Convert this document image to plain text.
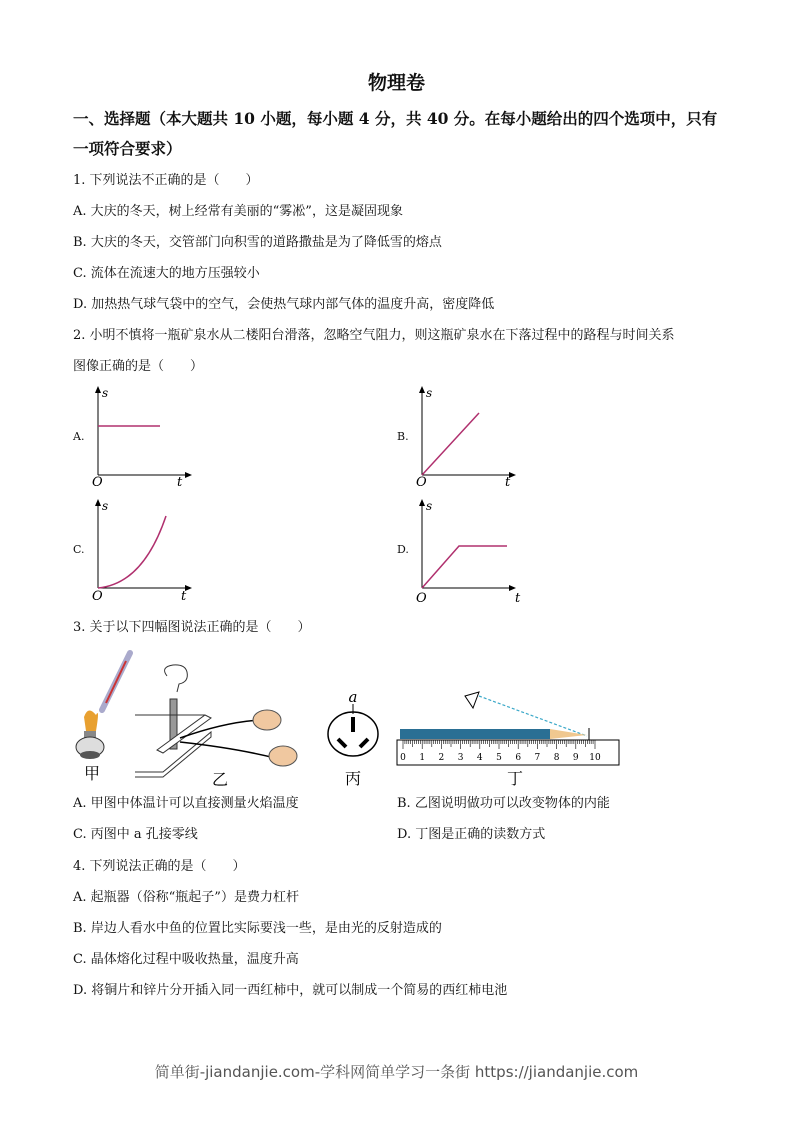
物理卷
一、选择题（本大题共 10 小题，每小题 4 分，共 40 分。在每小题给出的四个选项中，只有
一项符合要求）
1. 下列说法不正确的是（　　）
A. 大庆的冬天，树上经常有美丽的“雾凇”，这是凝固现象
B. 大庆的冬天，交管部门向积雪的道路撒盐是为了降低雪的熔点
C. 流体在流速大的地方压强较小
D. 加热热气球气袋中的空气，会使热气球内部气体的温度升高，密度降低
2. 小明不慎将一瓶矿泉水从二楼阳台滑落，忽略空气阻力，则这瓶矿泉水在下落过程中的路程与时间关系
图像正确的是（　　）
A.	B.
C.	D.
s
t
O
s
t
O
s
t
O
s
t
O
3. 关于以下四幅图说法正确的是（　　）
甲	乙
a
丙
0 1 2 3 4 5 6 7 8 9 10
丁
A. 甲图中体温计可以直接测量火焰温度	B. 乙图说明做功可以改变物体的内能
C. 丙图中 a 孔接零线	D. 丁图是正确的读数方式
4. 下列说法正确的是（　　）
A. 起瓶器（俗称“瓶起子”）是费力杠杆
B. 岸边人看水中鱼的位置比实际要浅一些，是由光的反射造成的
C. 晶体熔化过程中吸收热量，温度升高
D. 将铜片和锌片分开插入同一西红柿中，就可以制成一个简易的西红柿电池
简单街-jiandanjie.com-学科网简单学习一条街 https://jiandanjie.com
